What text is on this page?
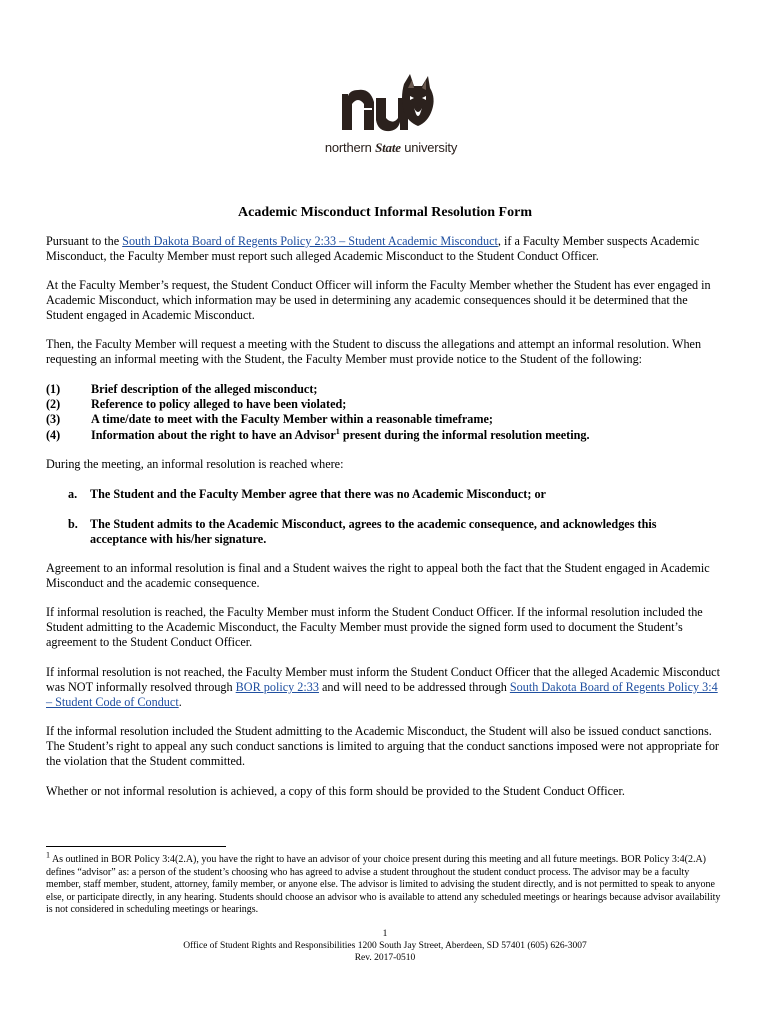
northern State university
Academic Misconduct Informal Resolution Form

Pursuant to the South Dakota Board of Regents Policy 2:33 – Student Academic Misconduct, if a Faculty Member suspects Academic Misconduct, the Faculty Member must report such alleged Academic Misconduct to the Student Conduct Officer.

At the Faculty Member’s request, the Student Conduct Officer will inform the Faculty Member whether the Student has ever engaged in Academic Misconduct, which information may be used in determining any academic consequences should it be determined that the Student engaged in Academic Misconduct.

Then, the Faculty Member will request a meeting with the Student to discuss the allegations and attempt an informal resolution. When requesting an informal meeting with the Student, the Faculty Member must provide notice to the Student of the following:

(1)	Brief description of the alleged misconduct;
(2)	Reference to policy alleged to have been violated;
(3)	A time/date to meet with the Faculty Member within a reasonable timeframe;
(4)	Information about the right to have an Advisor$^1$ present during the informal resolution meeting.

During the meeting, an informal resolution is reached where:

a. The Student and the Faculty Member agree that there was no Academic Misconduct; or
b. The Student admits to the Academic Misconduct, agrees to the academic consequence, and acknowledges this acceptance with his/her signature.

Agreement to an informal resolution is final and a Student waives the right to appeal both the fact that the Student engaged in Academic Misconduct and the academic consequence.

If informal resolution is reached, the Faculty Member must inform the Student Conduct Officer. If the informal resolution included the Student admitting to the Academic Misconduct, the Faculty Member must provide the signed form used to document the Student’s agreement to the Student Conduct Officer.

If informal resolution is not reached, the Faculty Member must inform the Student Conduct Officer that the alleged Academic Misconduct was NOT informally resolved through BOR policy 2:33 and will need to be addressed through South Dakota Board of Regents Policy 3:4 – Student Code of Conduct.

If the informal resolution included the Student admitting to the Academic Misconduct, the Student will also be issued conduct sanctions. The Student’s right to appeal any such conduct sanctions is limited to arguing that the conduct sanctions imposed were not appropriate for the violation that the Student committed.

Whether or not informal resolution is achieved, a copy of this form should be provided to the Student Conduct Officer.

$^1$ As outlined in BOR Policy 3:4(2.A), you have the right to have an advisor of your choice present during this meeting and all future meetings. BOR Policy 3:4(2.A) defines “advisor” as: a person of the student’s choosing who has agreed to advise a student throughout the student conduct process. The advisor may be a faculty member, staff member, student, attorney, family member, or anyone else. The advisor is limited to advising the student directly, and is not permitted to speak to anyone else, or participate directly, in any hearing. Students should choose an advisor who is available to attend any scheduled meetings or hearings because advisor availability is not considered in scheduling meetings or hearings.

1
Office of Student Rights and Responsibilities 1200 South Jay Street, Aberdeen, SD 57401 (605) 626-3007
Rev. 2017-0510
